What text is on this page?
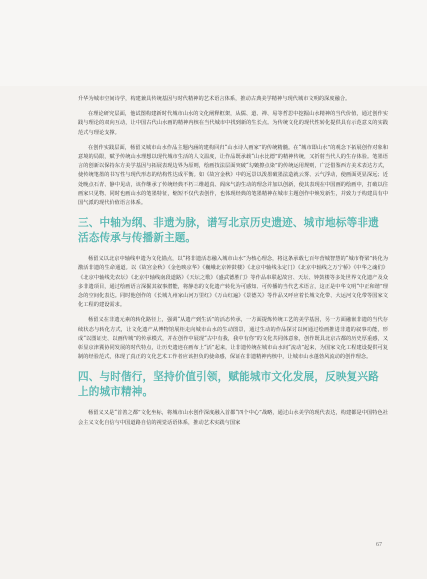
升华为城市空间诗学，构建兼具传统基因与时代精神的艺术语言体系，推动古典美学精神与现代城市文明的深度融合。

在理论研究层面，他试图构建新时代城市山水的文化阐释框架，从儒、道、禅、易等哲思中挖掘山水精神的当代价值，通过创作实践与理论的双向互动，让中国古代山水画的精神内核在当代城市中找到新的生长点。为传统文化的现代性转化提供具有示范意义的实践范式与理论支撑。

在创作实践层面，杨留义城市山水作品主题内涵的建构回归“山水诗人画家”的传统精髓。在“城市即山水”的观念下拓展创作对象和意境的局限，赋予传统山水理想以现代城市生活的人文温度，让作品既承载“山水比德”的精神传统，又折射当代人的生存体验。笔墨语言的创新以保持东方美学基因与拓展表现边界为原则，绘画技法层面突破“勾皴擦点染”的传统运用规则，广泛借鉴西方美术表达方式，使传统笔墨的书写性与现代形态的结构性达成平衡。如《故宫金秋》中的远景以泼墨破墨法造就云雾、云气浮动，使画面更显深远；近处晚点石青、静中见动，该作继承了传统经典不朽三维超真、阁床气韵生动的理念并加以创新，使其表现在中国画的绘画中，打破以往画家只见物、同时也画山水的笔墨特征，缩短不仅代表创作，也体现经典的笔墨精神在城市主题创作中焕发新生，并致力于构建具有中国气派的现代价值语言体系。

三、中轴为纲、非遗为脉，谱写北京历史遗迹、城市地标等非遗活态传承与传播新主题。

杨留义以北京中轴线申遗为文化锚点，以“将非遗活态融入城市山水”为核心理念，将这条承载七百年营城智慧的“城市脊梁”转化为激活非遗的生命通道。以《故宫金秋》《金色映京华》《巍峨北京钟鼓楼》《北京中轴线永定门》《北京中轴线之万宁桥》《中华之魂们》《北京中轴线先农坛》《北京中轴线南段道路》《天坛之歌》《盛武德胜门》等作品串联起故宫、天坛、钟鼓楼等多处世界文化遗产及众多非遗项目，通过绘画语言深掘其叙事潜能，将静态的文化遗产转化为可感知、可传播的当代艺术语言，这正是中华文明“中正和谐”理念的空间化表达。同时他创作的《长城九州家山河万里红》《万山红遍》《景德关》等作品又呼应着长城文化带、大运河文化带等国家文化工程的建设需求。

杨留义在非遗元素的转化路径上，强调“从遗产到生活”的活态传承，一方面提炼传统工艺的美学基因，另一方面融嵌非遗的当代存续状态与转化方式，让文化遗产从博物馆展柜走向城市山水的生动图景，通过生动的作品探讨以何通过绘画推进非遗的叙事功能，形成“以图证史、以画传城”的传承模式，并在创作中展现“古中有我，我中有你”的文化共同体意象，创作既具北京古都的历史厚重感，又彰显京津冀协同发展的时代特点，让历史遗迹在画布上“活”起来，让非遗传统在城市山水间“流动”起来，为国家文化工程建设提供可复制的经验范式，体现了真正的文化艺术工作者应该担负的使命感，保证在非遗精神内核中，让城市山水蓬勃风流动的创作理念。

四、与时偕行，坚持价值引领，赋能城市文化发展，反映复兴路上的城市精神。

杨留义又是“首善之都”文化坐标，将城市山水创作深度融入首都“四个中心”战略，通过山水美学的现代表达，构建都是中国特色社会主义文化自信与中国道路自信的视觉话语体系，推动艺术实践与国家

67
